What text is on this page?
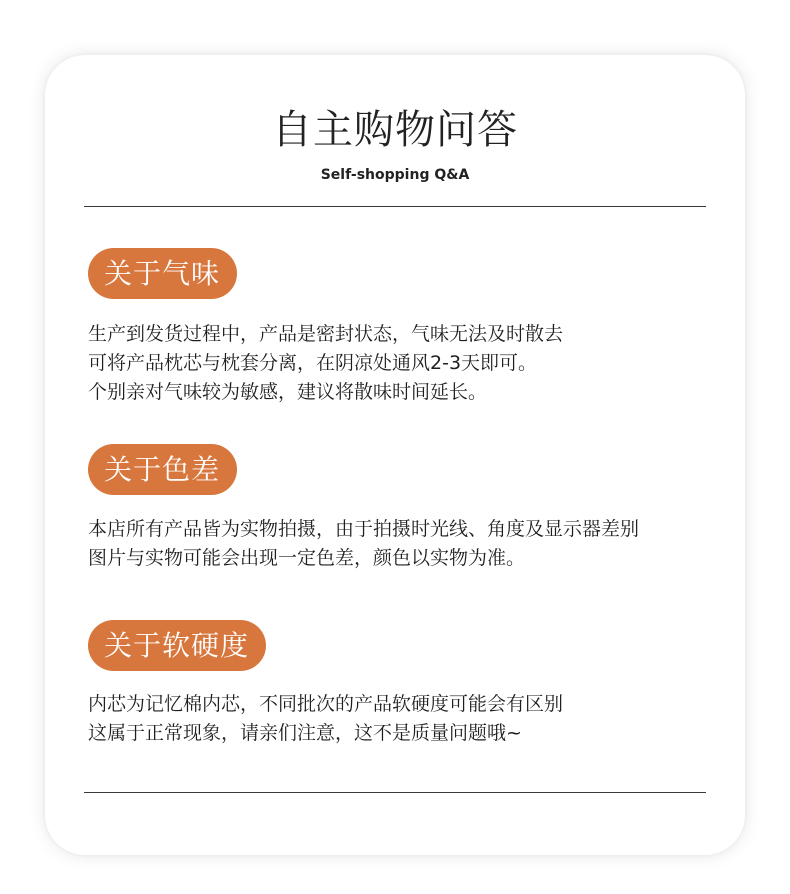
自主购物问答
Self-shopping Q&A
关于气味
生产到发货过程中，产品是密封状态，气味无法及时散去
可将产品枕芯与枕套分离，在阴凉处通风2-3天即可。
个别亲对气味较为敏感，建议将散味时间延长。
关于色差
本店所有产品皆为实物拍摄，由于拍摄时光线、角度及显示器差别
图片与实物可能会出现一定色差，颜色以实物为准。
关于软硬度
内芯为记忆棉内芯，不同批次的产品软硬度可能会有区别
这属于正常现象，请亲们注意，这不是质量问题哦~
